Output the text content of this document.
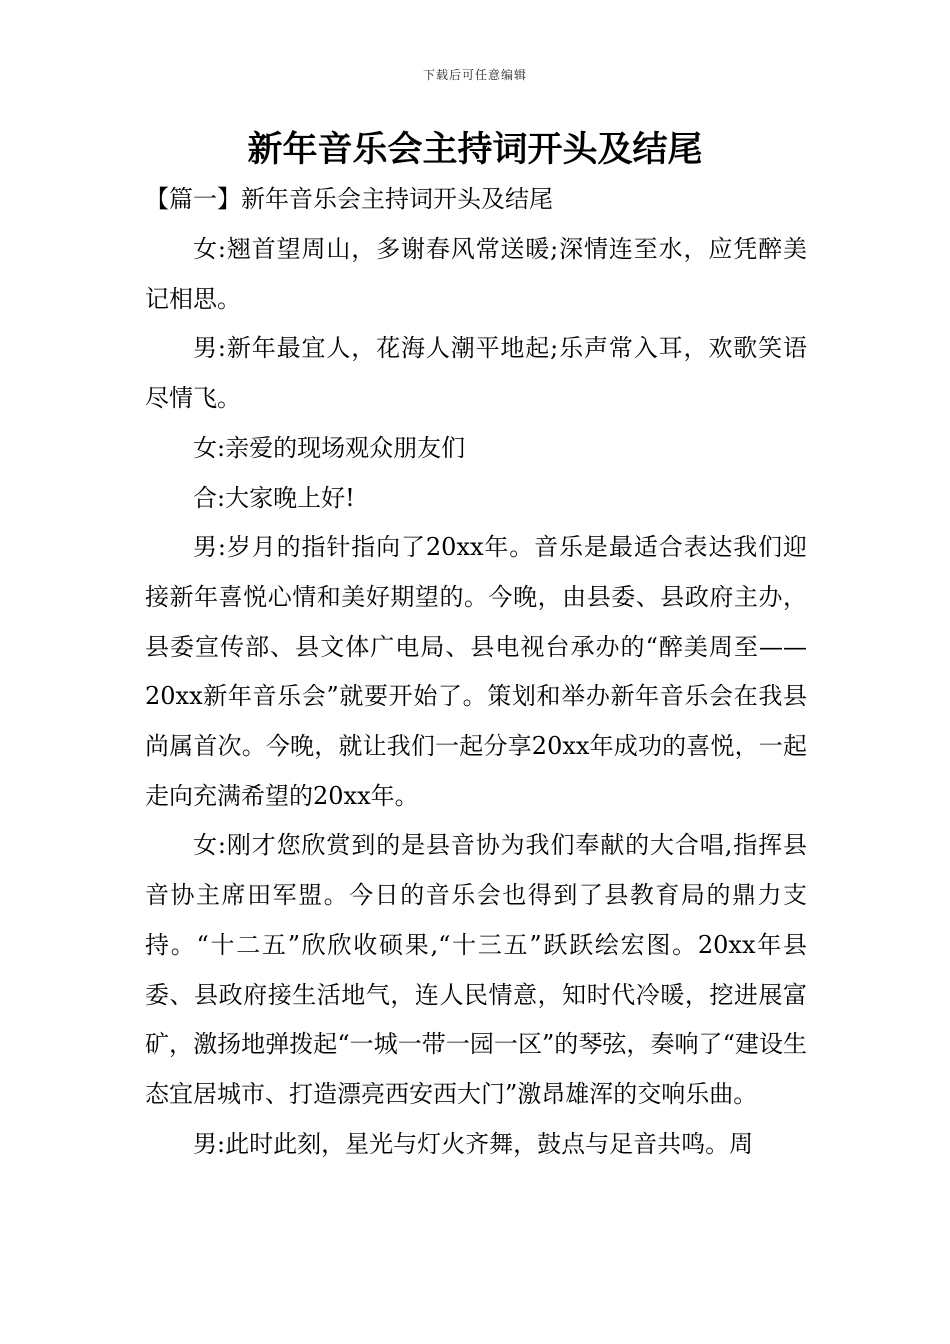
下载后可任意编辑
新年音乐会主持词开头及结尾
【篇一】新年音乐会主持词开头及结尾

女:翘首望周山，多谢春风常送暖;深情连至水，应凭醉美记相思。

男:新年最宜人，花海人潮平地起;乐声常入耳，欢歌笑语尽情飞。

女:亲爱的现场观众朋友们

合:大家晚上好!

男:岁月的指针指向了20xx年。音乐是最适合表达我们迎接新年喜悦心情和美好期望的。今晚，由县委、县政府主办，县委宣传部、县文体广电局、县电视台承办的“醉美周至——20xx新年音乐会”就要开始了。策划和举办新年音乐会在我县尚属首次。今晚，就让我们一起分享20xx年成功的喜悦，一起走向充满希望的20xx年。

女:刚才您欣赏到的是县音协为我们奉献的大合唱,指挥县音协主席田军盟。今日的音乐会也得到了县教育局的鼎力支持。“十二五”欣欣收硕果,“十三五”跃跃绘宏图。20xx年县委、县政府接生活地气，连人民情意，知时代冷暖，挖进展富矿，激扬地弹拨起“一城一带一园一区”的琴弦，奏响了“建设生态宜居城市、打造漂亮西安西大门”激昂雄浑的交响乐曲。

男:此时此刻，星光与灯火齐舞，鼓点与足音共鸣。周
